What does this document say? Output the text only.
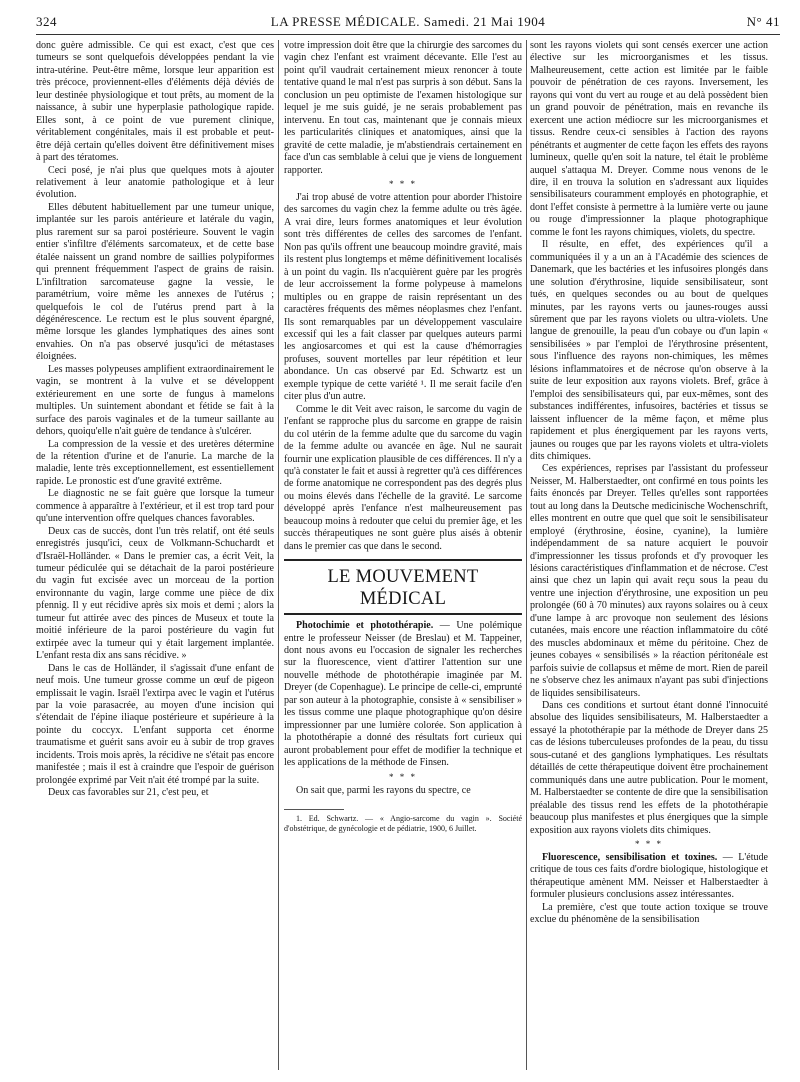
324	LA PRESSE MÉDICALE. Samedi. 21 Mai 1904	N° 41

donc guère admissible. Ce qui est exact, c'est que ces tumeurs se sont quelquefois développées pendant la vie intra-utérine. Peut-être même, lorsque leur apparition est très précoce, proviennent-elles d'éléments déjà déviés de leur destinée physiologique et tout prêts, au moment de la naissance, à subir une hyperplasie pathologique rapide. Elles sont, à ce point de vue purement clinique, véritablement congénitales, mais il est probable et peut-être déjà certain qu'elles doivent être définitivement mises à part des tératomes.

Ceci posé, je n'ai plus que quelques mots à ajouter relativement à leur anatomie pathologique et à leur évolution.

Elles débutent habituellement par une tumeur unique, implantée sur les parois antérieure et latérale du vagin, plus rarement sur sa paroi postérieure. Souvent le vagin entier s'infiltre d'éléments sarcomateux, et de cette base étalée naissent un grand nombre de saillies polypiformes qui prennent fréquemment l'aspect de grains de raisin. L'infiltration sarcomateuse gagne la vessie, le paramétrium, voire même les annexes de l'utérus ; quelquefois le col de l'utérus prend part à la dégénérescence. Le rectum est le plus souvent épargné, même lorsque les glandes lymphatiques des aines sont envahies. On n'a pas observé jusqu'ici de métastases éloignées.

Les masses polypeuses amplifient extraordinairement le vagin, se montrent à la vulve et se développent extérieurement en une sorte de fungus à mamelons multiples. Un suintement abondant et fétide se fait à la surface des parois vaginales et de la tumeur saillante au dehors, quoiqu'elle n'ait guère de tendance à s'ulcérer.

La compression de la vessie et des uretères détermine de la rétention d'urine et de l'anurie. La marche de la maladie, lente très exceptionnellement, est essentiellement rapide. Le pronostic est d'une gravité extrême.

Le diagnostic ne se fait guère que lorsque la tumeur commence à apparaître à l'extérieur, et il est trop tard pour qu'une intervention offre quelques chances favorables.

Deux cas de succès, dont l'un très relatif, ont été seuls enregistrés jusqu'ici, ceux de Volkmann-Schuchardt et d'Israël-Holländer. « Dans le premier cas, a écrit Veit, la tumeur pédiculée qui se détachait de la paroi postérieure du vagin fut excisée avec un morceau de la portion environnante du vagin, large comme une pièce de dix pfennig. Il y eut récidive après six mois et demi ; alors la tumeur fut attirée avec des pinces de Museux et toute la moitié inférieure de la paroi postérieure du vagin fut extirpée avec la tumeur qui y était largement implantée. L'enfant resta dix ans sans récidive. »

Dans le cas de Holländer, il s'agissait d'une enfant de neuf mois. Une tumeur grosse comme un œuf de pigeon emplissait le vagin. Israël l'extirpa avec le vagin et l'utérus par la voie parasacrée, au moyen d'une incision qui s'étendait de l'épine iliaque postérieure et supérieure à la pointe du coccyx. L'enfant supporta cet énorme traumatisme et guérit sans avoir eu à subir de trop graves incidents. Trois mois après, la récidive ne s'était pas encore manifestée ; mais il est à craindre que l'espoir de guérison prolongée exprimé par Veit n'ait été trompé par la suite.

Deux cas favorables sur 21, c'est peu, et

votre impression doit être que la chirurgie des sarcomes du vagin chez l'enfant est vraiment décevante. Elle l'est au point qu'il vaudrait certainement mieux renoncer à toute tentative quand le mal n'est pas surpris à son début. Sans la conclusion un peu optimiste de l'examen histologique sur lequel je me suis guidé, je ne serais probablement pas intervenu. En tout cas, maintenant que je connais mieux les particularités cliniques et anatomiques, ainsi que la gravité de cette maladie, je m'abstiendrais certainement en face d'un cas semblable à celui que je viens de longuement rapporter.

* * *

J'ai trop abusé de votre attention pour aborder l'histoire des sarcomes du vagin chez la femme adulte ou très âgée. A vrai dire, leurs formes anatomiques et leur évolution sont très différentes de celles des sarcomes de l'enfant. Non pas qu'ils offrent une beaucoup moindre gravité, mais ils restent plus longtemps et même définitivement localisés à un point du vagin. Ils n'acquièrent guère par les progrès de leur accroissement la forme polypeuse à mamelons multiples ou en grappe de raisin représentant un des caractères fréquents des mêmes néoplasmes chez l'enfant. Ils sont remarquables par un développement vasculaire excessif qui les a fait classer par quelques auteurs parmi les angiosarcomes et qui est la cause d'hémorragies profuses, souvent mortelles par leur répétition et leur abondance. Un cas observé par Ed. Schwartz est un exemple typique de cette variété ¹. Il me serait facile d'en citer plus d'un autre.

Comme le dit Veit avec raison, le sarcome du vagin de l'enfant se rapproche plus du sarcome en grappe de raisin du col utérin de la femme adulte que du sarcome du vagin de la femme adulte ou avancée en âge. Nul ne saurait fournir une explication plausible de ces différences. Il n'y a qu'à constater le fait et aussi à regretter qu'à ces différences de forme anatomique ne correspondent pas des degrés plus ou moins élevés dans l'échelle de la gravité. Le sarcome développé après l'enfance n'est malheureusement pas beaucoup moins à redouter que celui du premier âge, et les succès thérapeutiques ne sont guère plus aisés à obtenir dans le premier cas que dans le second.

LE MOUVEMENT MÉDICAL

Photochimie et photothérapie. — Une polémique entre le professeur Neisser (de Breslau) et M. Tappeiner, dont nous avons eu l'occasion de signaler les recherches sur la fluorescence, vient d'attirer l'attention sur une nouvelle méthode de photothérapie imaginée par M. Dreyer (de Copenhague). Le principe de celle-ci, emprunté par son auteur à la photographie, consiste à « sensibiliser » les tissus comme une plaque photographique qu'on désire impressionner par une lumière colorée. Son application à la photothérapie a donné des résultats fort curieux qui auront probablement pour effet de modifier la technique et les applications de la méthode de Finsen.

* * *

On sait que, parmi les rayons du spectre, ce

1. Ed. Schwartz. — « Angio-sarcome du vagin ». Société d'obstétrique, de gynécologie et de pédiatrie, 1900, 6 Juillet.

sont les rayons violets qui sont censés exercer une action élective sur les microorganismes et les tissus. Malheureusement, cette action est limitée par le faible pouvoir de pénétration de ces rayons. Inversement, les rayons qui vont du vert au rouge et au delà possèdent bien un grand pouvoir de pénétration, mais en revanche ils exercent une action médiocre sur les microorganismes et tissus. Rendre ceux-ci sensibles à l'action des rayons pénétrants et augmenter de cette façon les effets des rayons lumineux, quelle qu'en soit la nature, tel était le problème auquel s'attaqua M. Dreyer. Comme nous venons de le dire, il en trouva la solution en s'adressant aux liquides sensibilisateurs couramment employés en photographie, et dont l'effet consiste à permettre à la lumière verte ou jaune ou rouge d'impressionner la plaque photographique comme le font les rayons chimiques, violets, du spectre.

Il résulte, en effet, des expériences qu'il a communiquées il y a un an à l'Académie des sciences de Danemark, que les bactéries et les infusoires plongés dans une solution d'érythrosine, liquide sensibilisateur, sont tués, en quelques secondes ou au bout de quelques minutes, par les rayons verts ou jaunes-rouges aussi sûrement que par les rayons violets ou ultra-violets. Une langue de grenouille, la peau d'un cobaye ou d'un lapin « sensibilisées » par l'emploi de l'érythrosine présentent, sous l'influence des rayons non-chimiques, les mêmes lésions inflammatoires et de nécrose qu'on observe à la suite de leur exposition aux rayons violets. Bref, grâce à l'emploi des sensibilisateurs qui, par eux-mêmes, sont des substances indifférentes, infusoires, bactéries et tissus se laissent influencer de la même façon, et même plus rapidement et plus énergiquement par les rayons verts, jaunes ou rouges que par les rayons violets et ultra-violets dits chimiques.

Ces expériences, reprises par l'assistant du professeur Neisser, M. Halberstaedter, ont confirmé en tous points les faits énoncés par Dreyer. Telles qu'elles sont rapportées tout au long dans la Deutsche medicinische Wochenschrift, elles montrent en outre que quel que soit le sensibilisateur employé (érythrosine, éosine, cyanine), la lumière indépendamment de sa nature acquiert le pouvoir d'impressionner les tissus profonds et d'y provoquer les lésions caractéristiques d'inflammation et de nécrose. C'est ainsi que chez un lapin qui avait reçu sous la peau du ventre une injection d'érythrosine, une exposition un peu prolongée (60 à 70 minutes) aux rayons solaires ou à ceux d'une lampe à arc provoque non seulement des lésions cutanées, mais encore une réaction inflammatoire du côté des muscles abdominaux et même du péritoine. Chez de jeunes cobayes « sensibilisés » la réaction péritonéale est parfois suivie de collapsus et même de mort. Rien de pareil ne s'observe chez les animaux n'ayant pas subi d'injections de liquides sensibilisateurs.

Dans ces conditions et surtout étant donné l'innocuité absolue des liquides sensibilisateurs, M. Halberstaedter a essayé la photothérapie par la méthode de Dreyer dans 25 cas de lésions tuberculeuses profondes de la peau, du tissu sous-cutané et des ganglions lymphatiques. Les résultats détaillés de cette thérapeutique doivent être prochainement communiqués dans une autre publication. Pour le moment, M. Halberstaedter se contente de dire que la sensibilisation préalable des tissus rend les effets de la photothérapie beaucoup plus manifestes et plus énergiques que la simple exposition aux rayons violets dits chimiques.

* * *

Fluorescence, sensibilisation et toxines. — L'étude critique de tous ces faits d'ordre biologique, histologique et thérapeutique amènent MM. Neisser et Halberstaedter à formuler plusieurs conclusions assez intéressantes.

La première, c'est que toute action toxique se trouve exclue du phénomène de la sensibilisation
